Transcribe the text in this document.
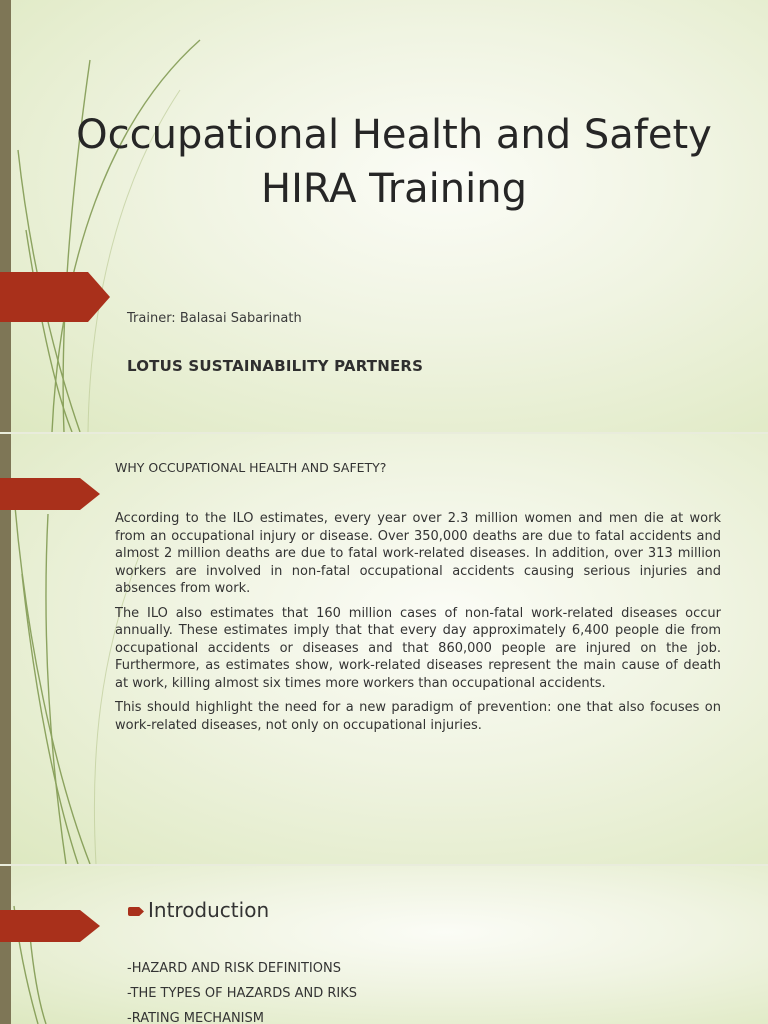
Occupational Health and Safety
HIRA Training
Trainer: Balasai Sabarinath
LOTUS SUSTAINABILITY PARTNERS
WHY OCCUPATIONAL HEALTH AND SAFETY?

According to the ILO estimates, every year over 2.3 million women and men die at work from an occupational injury or disease. Over 350,000 deaths are due to fatal accidents and almost 2 million deaths are due to fatal work-related diseases. In addition, over 313 million workers are involved in non-fatal occupational accidents causing serious injuries and absences from work.

The ILO also estimates that 160 million cases of non-fatal work-related diseases occur annually. These estimates imply that that every day approximately 6,400 people die from occupational accidents or diseases and that 860,000 people are injured on the job. Furthermore, as estimates show, work-related diseases represent the main cause of death at work, killing almost six times more workers than occupational accidents.

This should highlight the need for a new paradigm of prevention: one that also focuses on work-related diseases, not only on occupational injuries.

Introduction
-HAZARD AND RISK DEFINITIONS
-THE TYPES OF HAZARDS AND RIKS
-RATING MECHANISM
